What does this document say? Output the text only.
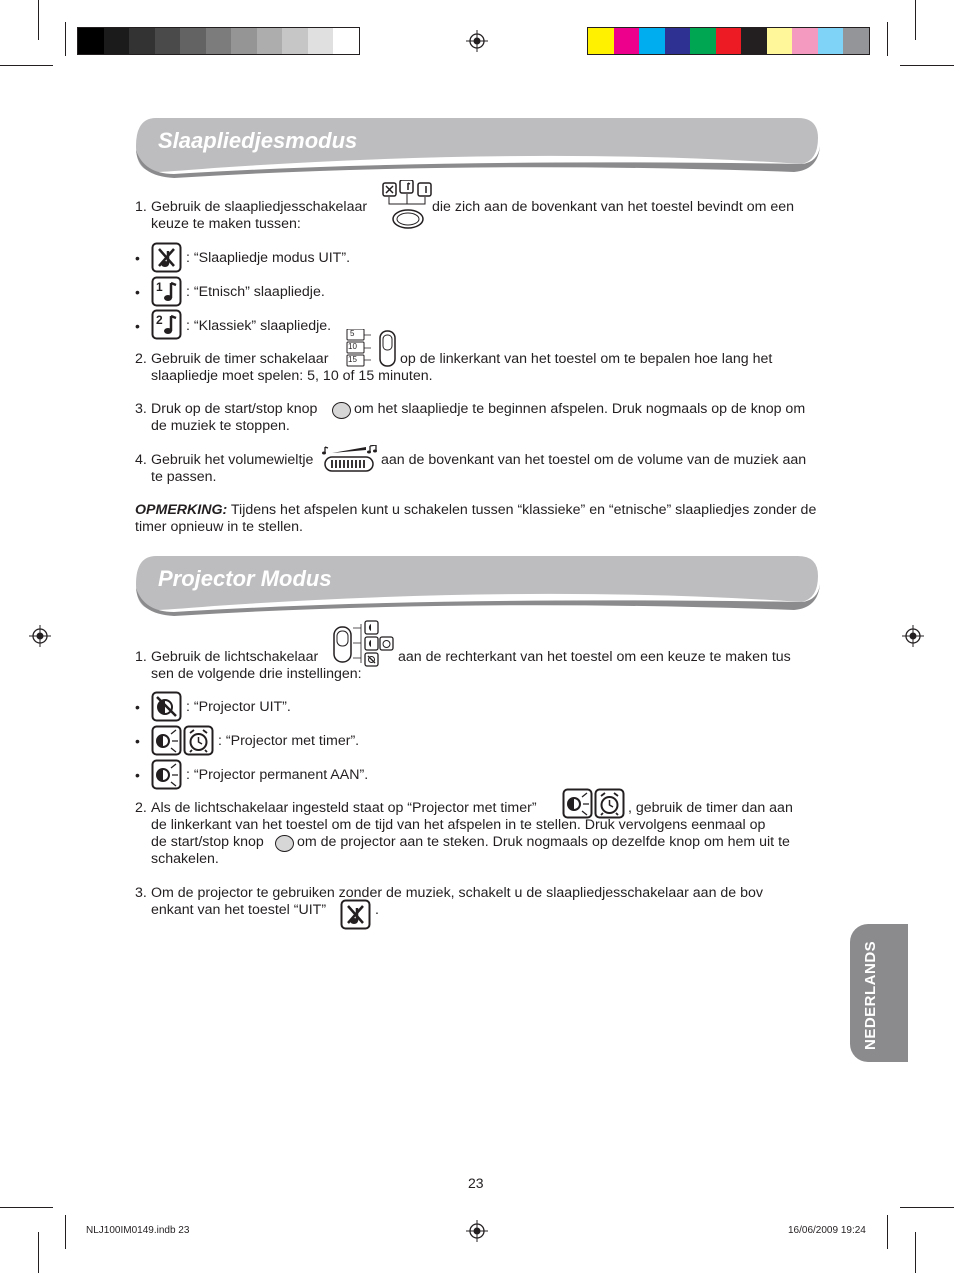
Slaapliedjesmodus
1. Gebruik de slaapliedjesschakelaar	die zich aan de bovenkant van het toestel bevindt om een
keuze te maken tussen:
•	: “Slaapliedje modus UIT”.
• 1 : “Etnisch” slaapliedje.
• 2 : “Klassiek” slaapliedje.
2. Gebruik de timer schakelaar
5
10
15	op de linkerkant van het toestel om te bepalen hoe lang het
slaapliedje moet spelen: 5, 10 of 15 minuten.
3. Druk op de start/stop knop	om het slaapliedje te beginnen afspelen. Druk nogmaals op de knop om
de muziek te stoppen.
4. Gebruik het volumewieltje	aan de bovenkant van het toestel om de volume van de muziek aan
te passen.
OPMERKING: Tijdens het afspelen kunt u schakelen tussen “klassieke” en “etnische” slaapliedjes zonder de
timer opnieuw in te stellen.
Projector Modus
1. Gebruik de lichtschakelaar	aan de rechterkant van het toestel om een keuze te maken tus
sen de volgende drie instellingen:
•	: “Projector UIT”.
•	: “Projector met timer”.
•	: “Projector permanent AAN”.
2. Als de lichtschakelaar ingesteld staat op “Projector met timer”	, gebruik de timer dan aan
de linkerkant van het toestel om de tijd van het afspelen in te stellen. Druk vervolgens eenmaal op
de start/stop knop om de projector aan te steken. Druk nogmaals op dezelfde knop om hem uit te
schakelen.
3. Om de projector te gebruiken zonder de muziek, schakelt u de slaapliedjesschakelaar aan de bov
enkant van het toestel “UIT”	.
NEDERLANDS
23
NLJ100IM0149.indb 23	16/06/2009 19:24
